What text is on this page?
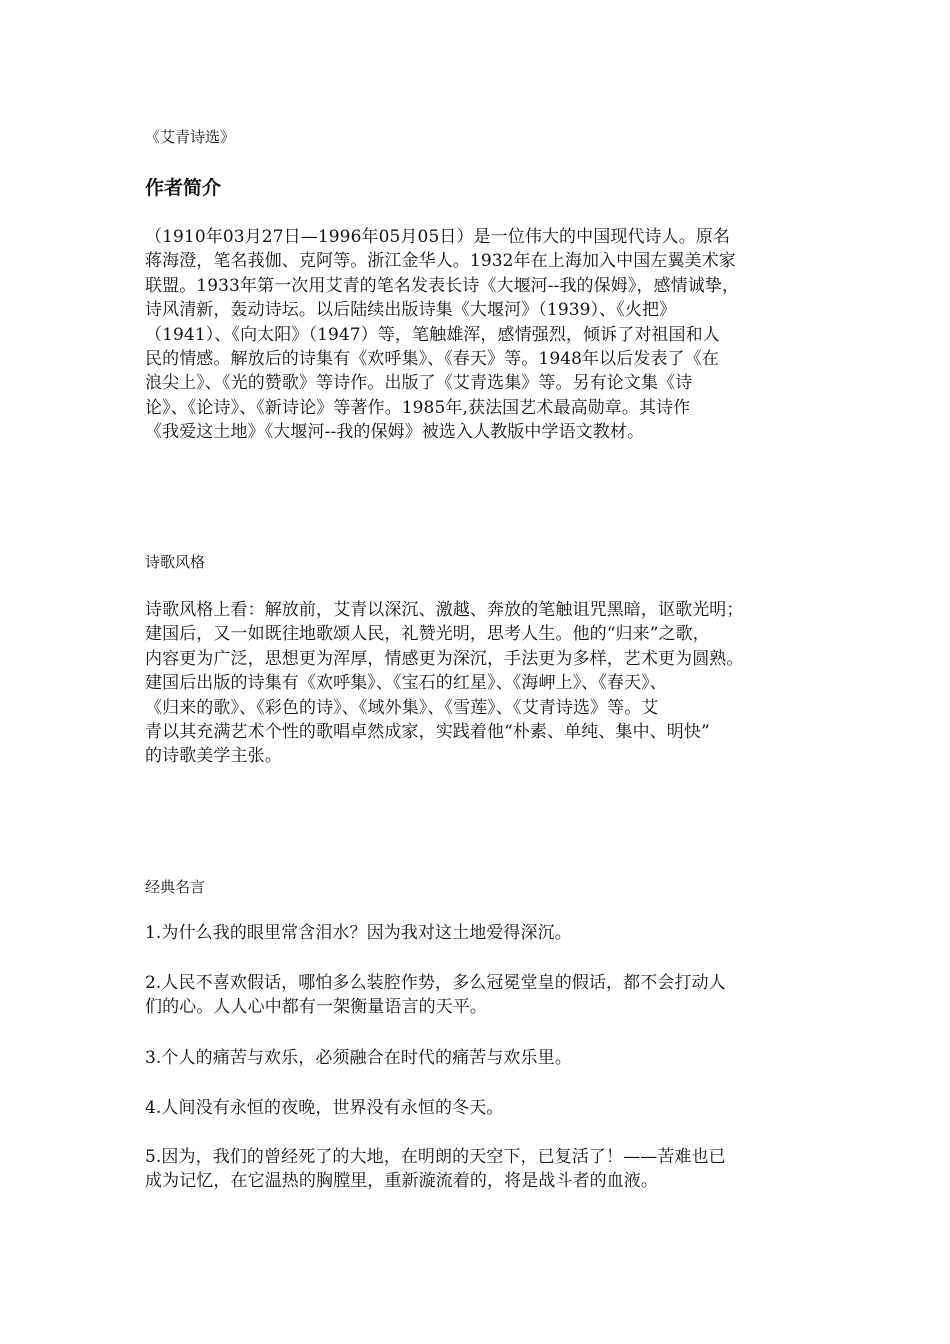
《艾青诗选》
作者简介
（1910年03月27日—1996年05月05日）是一位伟大的中国现代诗人。原名
蒋海澄，笔名莪伽、克阿等。浙江金华人。1932年在上海加入中国左翼美术家
联盟。1933年第一次用艾青的笔名发表长诗《大堰河--我的保姆》，感情诚挚，
诗风清新，轰动诗坛。以后陆续出版诗集《大堰河》（1939）、《火把》
（1941）、《向太阳》（1947）等，笔触雄浑，感情强烈，倾诉了对祖国和人
民的情感。解放后的诗集有《欢呼集》、《春天》等。1948年以后发表了《在
浪尖上》、《光的赞歌》等诗作。出版了《艾青选集》等。另有论文集《诗
论》、《论诗》、《新诗论》等著作。1985年,获法国艺术最高勋章。其诗作
《我爱这土地》《大堰河--我的保姆》被选入人教版中学语文教材。
诗歌风格
诗歌风格上看：解放前，艾青以深沉、激越、奔放的笔触诅咒黑暗，讴歌光明；
建国后，又一如既往地歌颂人民，礼赞光明，思考人生。他的“归来”之歌，
内容更为广泛，思想更为浑厚，情感更为深沉，手法更为多样，艺术更为圆熟。
建国后出版的诗集有《欢呼集》、《宝石的红星》、《海岬上》、《春天》、
《归来的歌》、《彩色的诗》、《域外集》、《雪莲》、《艾青诗选》等。艾
青以其充满艺术个性的歌唱卓然成家，实践着他“朴素、单纯、集中、明快”
的诗歌美学主张。
经典名言
1.为什么我的眼里常含泪水？因为我对这土地爱得深沉。
2.人民不喜欢假话，哪怕多么装腔作势，多么冠冕堂皇的假话，都不会打动人
们的心。人人心中都有一架衡量语言的天平。
3.个人的痛苦与欢乐，必须融合在时代的痛苦与欢乐里。
4.人间没有永恒的夜晚，世界没有永恒的冬天。
5.因为，我们的曾经死了的大地，在明朗的天空下，已复活了！——苦难也已
成为记忆，在它温热的胸膛里，重新漩流着的，将是战斗者的血液。
